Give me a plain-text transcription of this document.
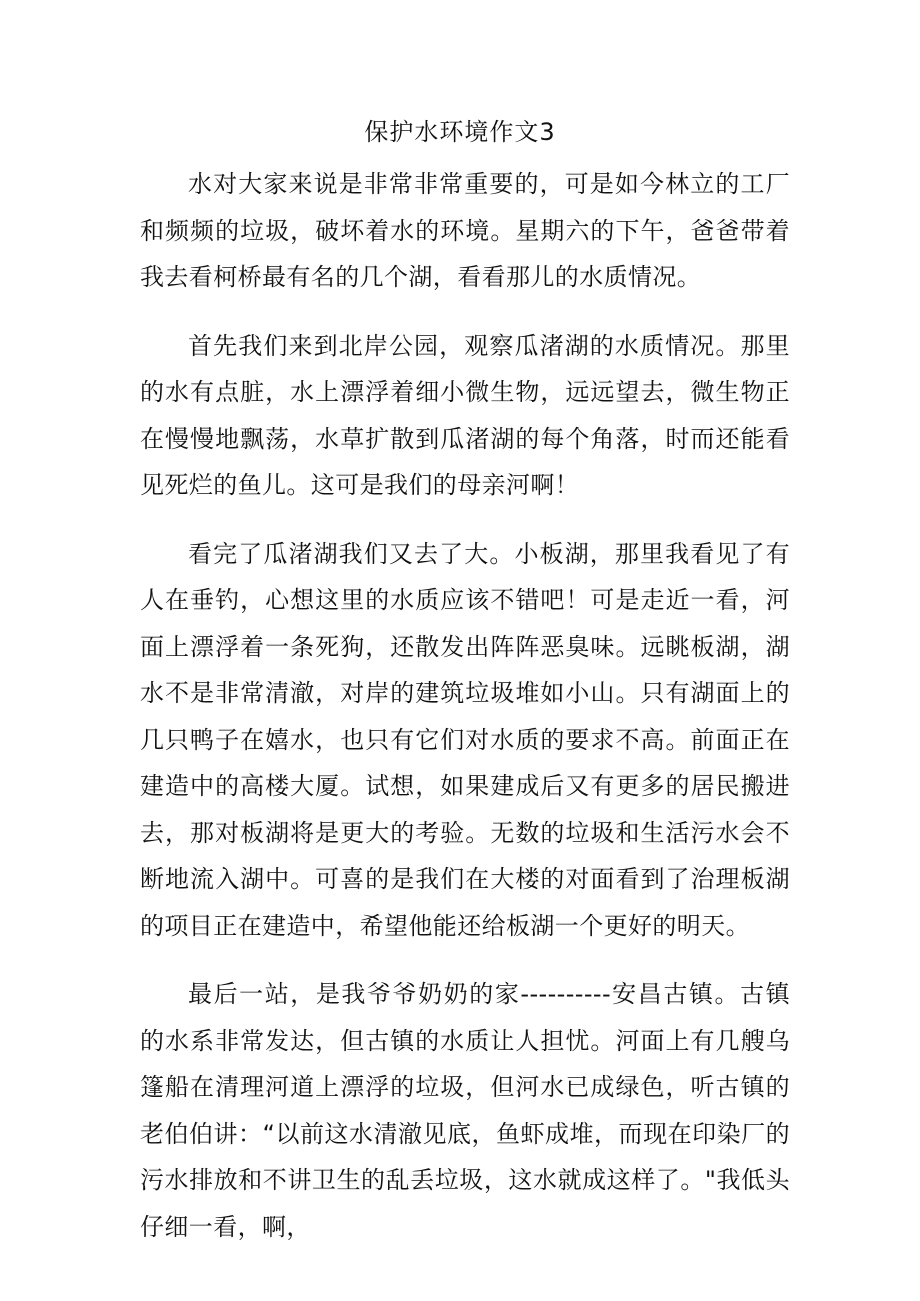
保护水环境作文3

水对大家来说是非常非常重要的，可是如今林立的工厂和频频的垃圾，破坏着水的环境。星期六的下午，爸爸带着我去看柯桥最有名的几个湖，看看那儿的水质情况。

首先我们来到北岸公园，观察瓜渚湖的水质情况。那里的水有点脏，水上漂浮着细小微生物，远远望去，微生物正在慢慢地飘荡，水草扩散到瓜渚湖的每个角落，时而还能看见死烂的鱼儿。这可是我们的母亲河啊！

看完了瓜渚湖我们又去了大。小板湖，那里我看见了有人在垂钓，心想这里的水质应该不错吧！可是走近一看，河面上漂浮着一条死狗，还散发出阵阵恶臭味。远眺板湖，湖水不是非常清澈，对岸的建筑垃圾堆如小山。只有湖面上的几只鸭子在嬉水，也只有它们对水质的要求不高。前面正在建造中的高楼大厦。试想，如果建成后又有更多的居民搬进去，那对板湖将是更大的考验。无数的垃圾和生活污水会不断地流入湖中。可喜的是我们在大楼的对面看到了治理板湖的项目正在建造中，希望他能还给板湖一个更好的明天。

最后一站，是我爷爷奶奶的家----------安昌古镇。古镇的水系非常发达，但古镇的水质让人担忧。河面上有几艘乌篷船在清理河道上漂浮的垃圾，但河水已成绿色，听古镇的老伯伯讲：“以前这水清澈见底，鱼虾成堆，而现在印染厂的污水排放和不讲卫生的乱丢垃圾，这水就成这样了。"我低头仔细一看，啊，
